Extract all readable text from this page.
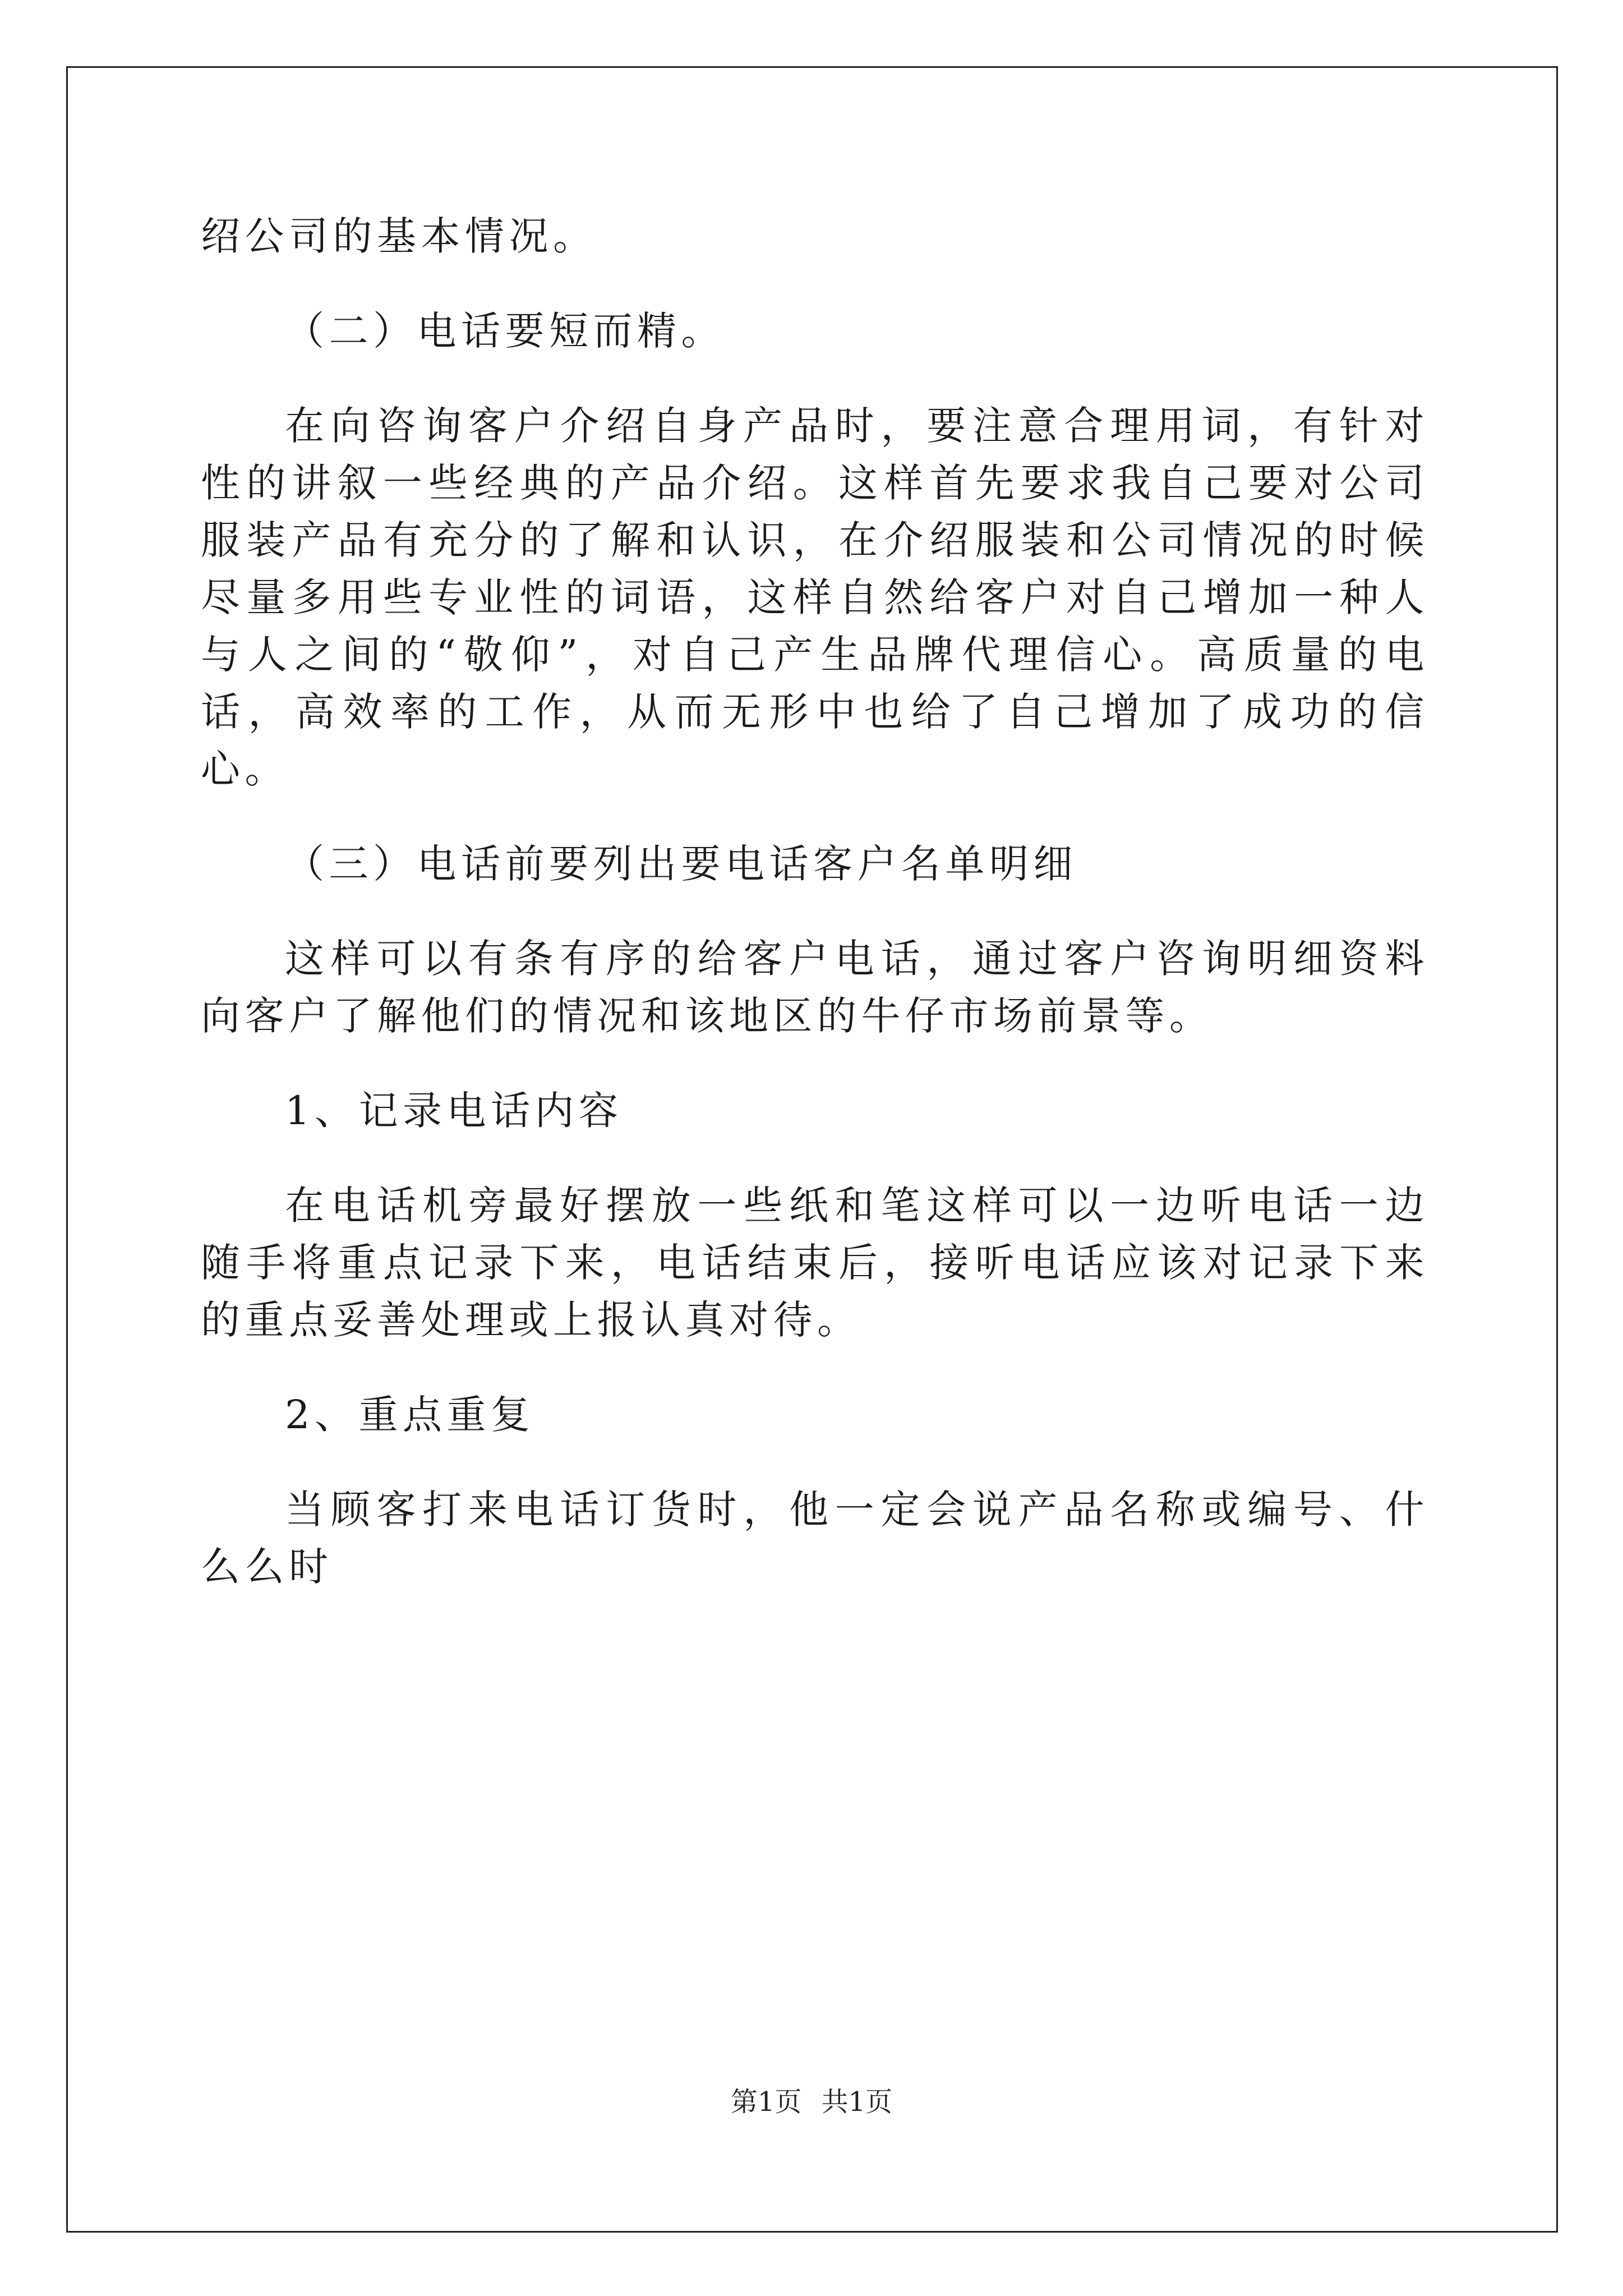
绍公司的基本情况。

（二）电话要短而精。

在向咨询客户介绍自身产品时，要注意合理用词，有针对性的讲叙一些经典的产品介绍。这样首先要求我自己要对公司服装产品有充分的了解和认识，在介绍服装和公司情况的时候尽量多用些专业性的词语，这样自然给客户对自己增加一种人与人之间的“敬仰”，对自己产生品牌代理信心。高质量的电话，高效率的工作，从而无形中也给了自己增加了成功的信心。

（三）电话前要列出要电话客户名单明细

这样可以有条有序的给客户电话，通过客户咨询明细资料向客户了解他们的情况和该地区的牛仔市场前景等。

1、记录电话内容

在电话机旁最好摆放一些纸和笔这样可以一边听电话一边随手将重点记录下来，电话结束后，接听电话应该对记录下来的重点妥善处理或上报认真对待。

2、重点重复

当顾客打来电话订货时，他一定会说产品名称或编号、什么么时

第1页 共1页
